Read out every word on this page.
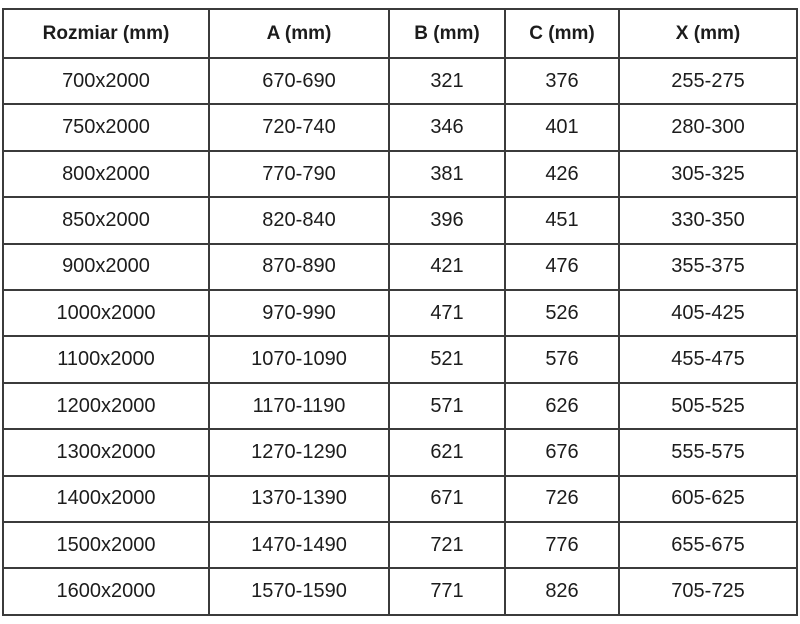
Rozmiar (mm)	A (mm)	B (mm)	C (mm)	X (mm)
700x2000	670-690	321	376	255-275
750x2000	720-740	346	401	280-300
800x2000	770-790	381	426	305-325
850x2000	820-840	396	451	330-350
900x2000	870-890	421	476	355-375
1000x2000	970-990	471	526	405-425
1100x2000	1070-1090	521	576	455-475
1200x2000	1170-1190	571	626	505-525
1300x2000	1270-1290	621	676	555-575
1400x2000	1370-1390	671	726	605-625
1500x2000	1470-1490	721	776	655-675
1600x2000	1570-1590	771	826	705-725
